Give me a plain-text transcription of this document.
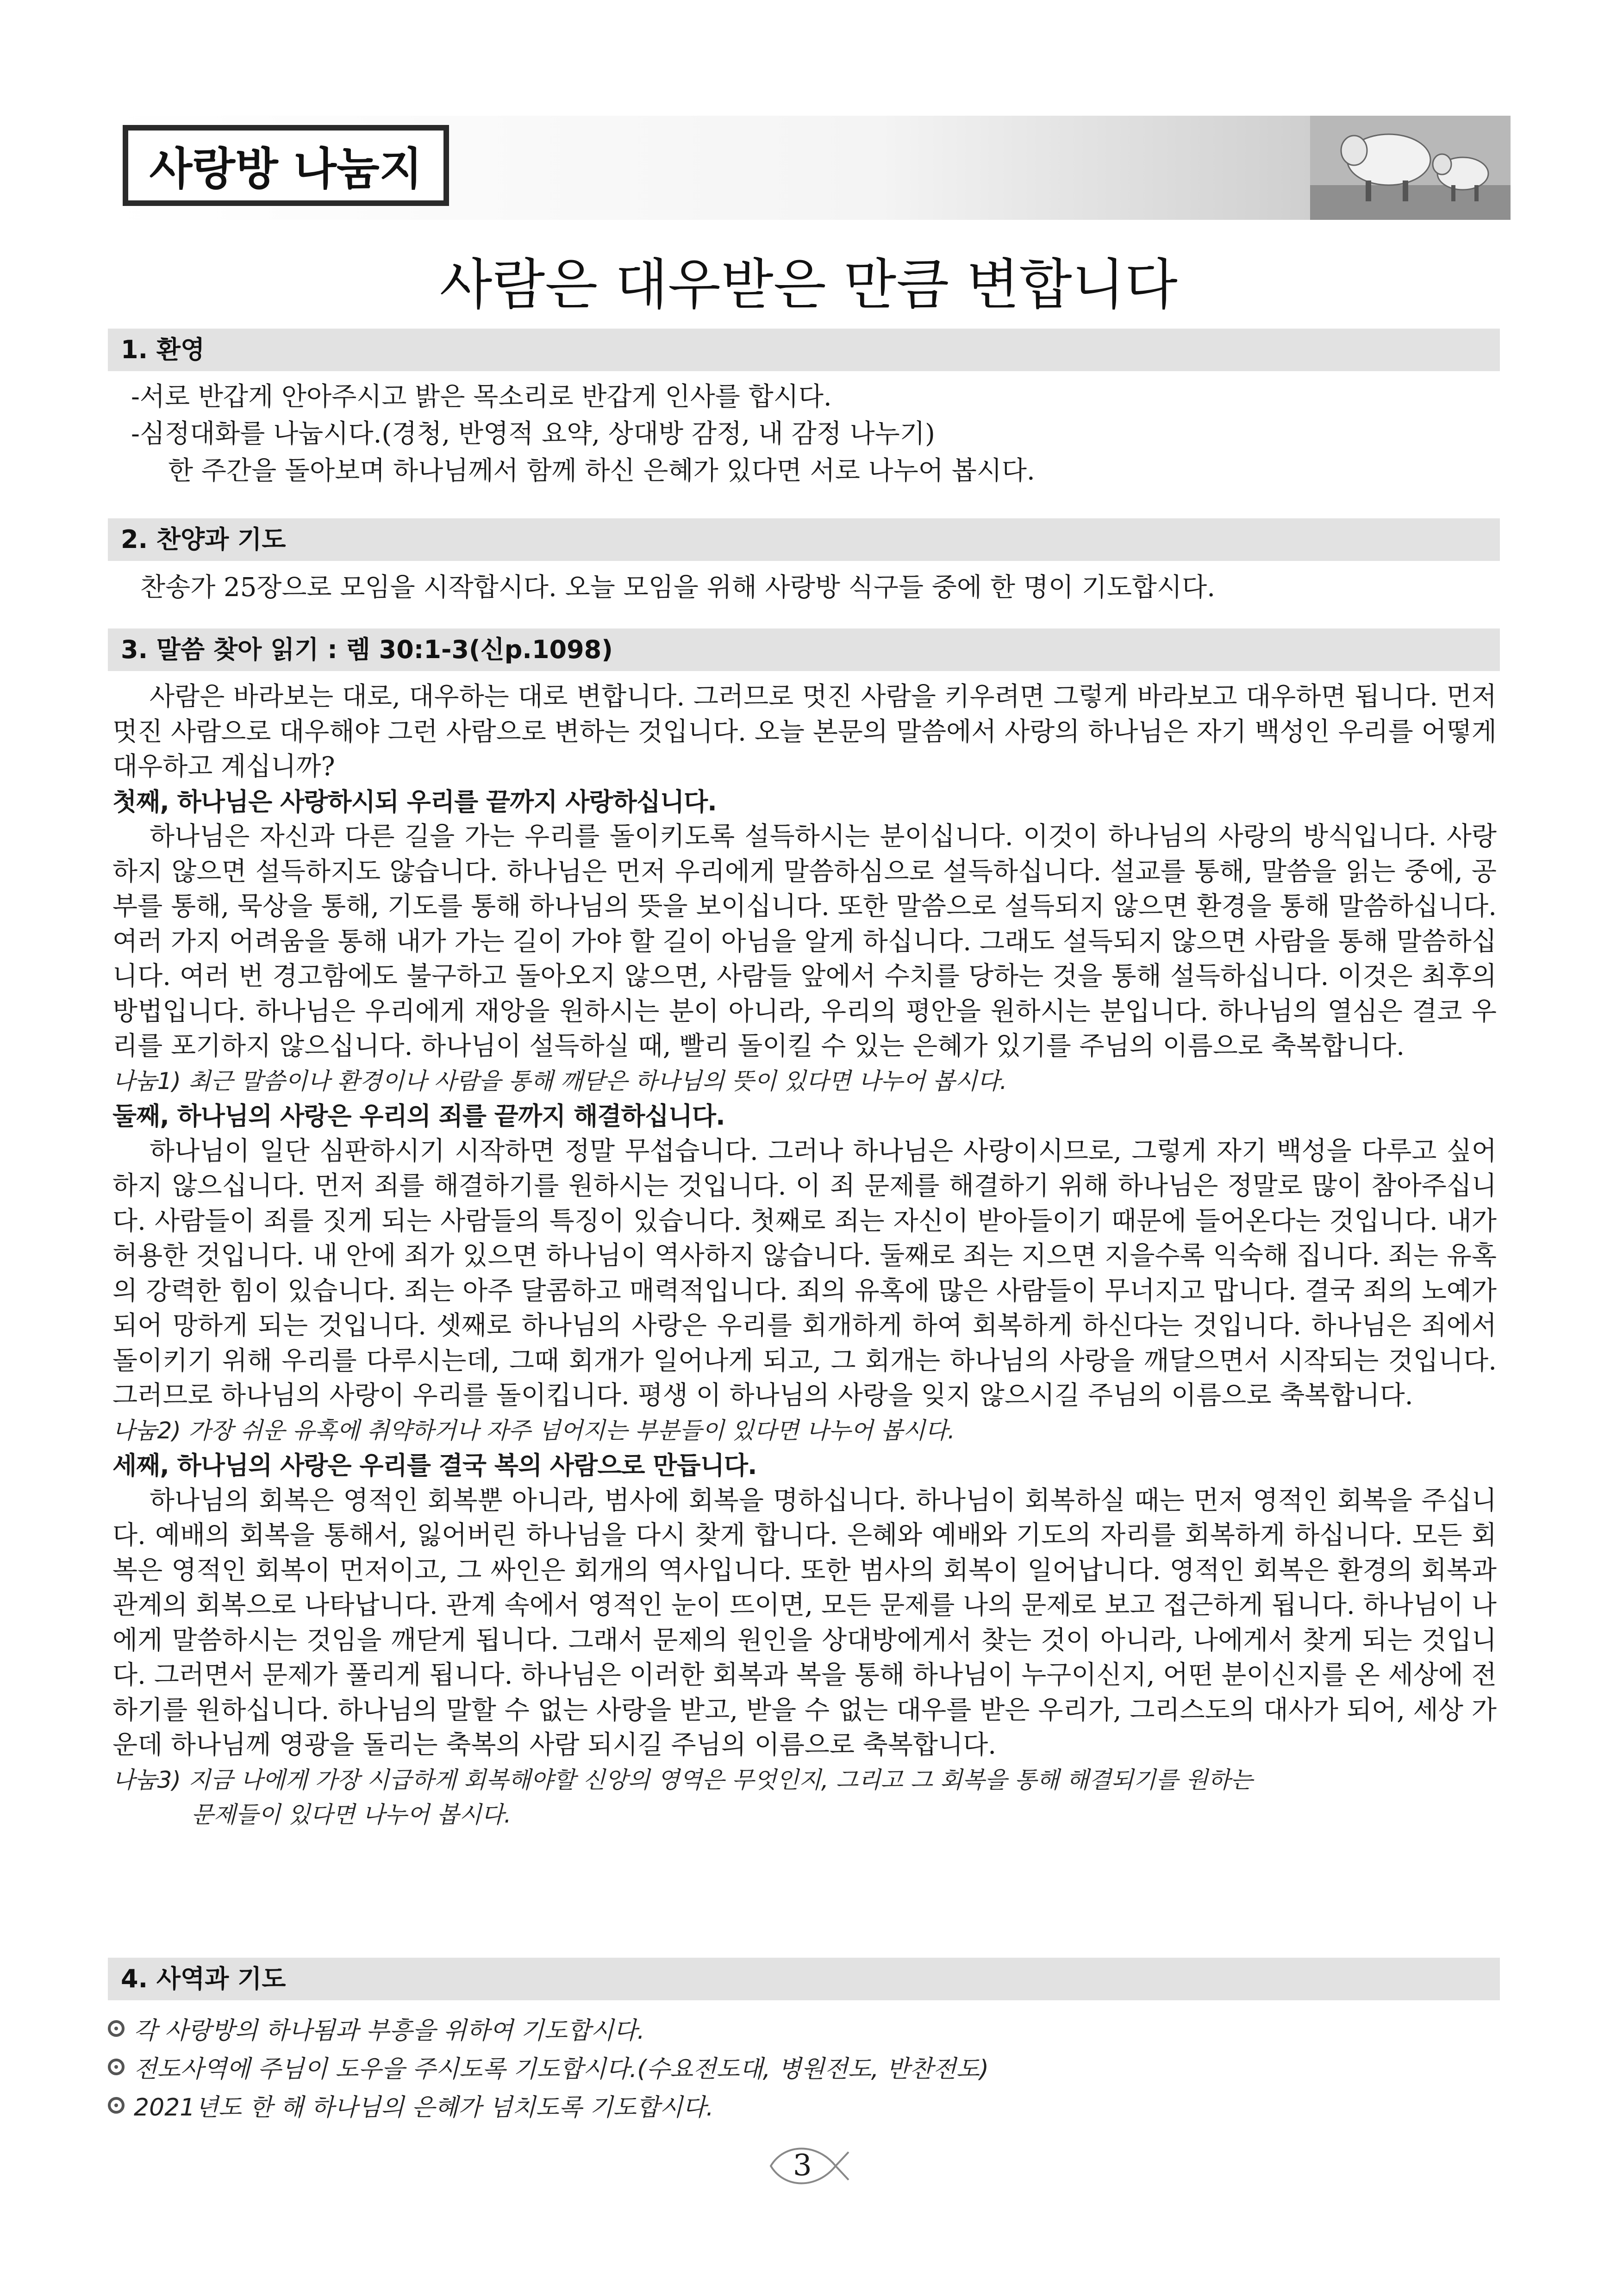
사랑방 나눔지
사람은 대우받은 만큼 변합니다
1. 환영
-서로 반갑게 안아주시고 밝은 목소리로 반갑게 인사를 합시다.
-심정대화를 나눕시다.(경청, 반영적 요약, 상대방 감정, 내 감정 나누기)
한 주간을 돌아보며 하나님께서 함께 하신 은혜가 있다면 서로 나누어 봅시다.
2. 찬양과 기도
찬송가 25장으로 모임을 시작합시다. 오늘 모임을 위해 사랑방 식구들 중에 한 명이 기도합시다.
3. 말씀 찾아 읽기 : 렘 30:1-3(신p.1098)

사람은 바라보는 대로, 대우하는 대로 변합니다. 그러므로 멋진 사람을 키우려면 그렇게 바라보고 대우하면 됩니다. 먼저 멋진 사람으로 대우해야 그런 사람으로 변하는 것입니다. 오늘 본문의 말씀에서 사랑의 하나님은 자기 백성인 우리를 어떻게 대우하고 계십니까?

첫째, 하나님은 사랑하시되 우리를 끝까지 사랑하십니다.

하나님은 자신과 다른 길을 가는 우리를 돌이키도록 설득하시는 분이십니다. 이것이 하나님의 사랑의 방식입니다. 사랑하지 않으면 설득하지도 않습니다. 하나님은 먼저 우리에게 말씀하심으로 설득하십니다. 설교를 통해, 말씀을 읽는 중에, 공부를 통해, 묵상을 통해, 기도를 통해 하나님의 뜻을 보이십니다. 또한 말씀으로 설득되지 않으면 환경을 통해 말씀하십니다. 여러 가지 어려움을 통해 내가 가는 길이 가야 할 길이 아님을 알게 하십니다. 그래도 설득되지 않으면 사람을 통해 말씀하십니다. 여러 번 경고함에도 불구하고 돌아오지 않으면, 사람들 앞에서 수치를 당하는 것을 통해 설득하십니다. 이것은 최후의 방법입니다. 하나님은 우리에게 재앙을 원하시는 분이 아니라, 우리의 평안을 원하시는 분입니다. 하나님의 열심은 결코 우리를 포기하지 않으십니다. 하나님이 설득하실 때, 빨리 돌이킬 수 있는 은혜가 있기를 주님의 이름으로 축복합니다.

나눔1) 최근 말씀이나 환경이나 사람을 통해 깨닫은 하나님의 뜻이 있다면 나누어 봅시다.

둘째, 하나님의 사랑은 우리의 죄를 끝까지 해결하십니다.

하나님이 일단 심판하시기 시작하면 정말 무섭습니다. 그러나 하나님은 사랑이시므로, 그렇게 자기 백성을 다루고 싶어하지 않으십니다. 먼저 죄를 해결하기를 원하시는 것입니다. 이 죄 문제를 해결하기 위해 하나님은 정말로 많이 참아주십니다. 사람들이 죄를 짓게 되는 사람들의 특징이 있습니다. 첫째로 죄는 자신이 받아들이기 때문에 들어온다는 것입니다. 내가 허용한 것입니다. 내 안에 죄가 있으면 하나님이 역사하지 않습니다. 둘째로 죄는 지으면 지을수록 익숙해 집니다. 죄는 유혹의 강력한 힘이 있습니다. 죄는 아주 달콤하고 매력적입니다. 죄의 유혹에 많은 사람들이 무너지고 맙니다. 결국 죄의 노예가 되어 망하게 되는 것입니다. 셋째로 하나님의 사랑은 우리를 회개하게 하여 회복하게 하신다는 것입니다. 하나님은 죄에서 돌이키기 위해 우리를 다루시는데, 그때 회개가 일어나게 되고, 그 회개는 하나님의 사랑을 깨달으면서 시작되는 것입니다. 그러므로 하나님의 사랑이 우리를 돌이킵니다. 평생 이 하나님의 사랑을 잊지 않으시길 주님의 이름으로 축복합니다.

나눔2) 가장 쉬운 유혹에 취약하거나 자주 넘어지는 부분들이 있다면 나누어 봅시다.

세째, 하나님의 사랑은 우리를 결국 복의 사람으로 만듭니다.

하나님의 회복은 영적인 회복뿐 아니라, 범사에 회복을 명하십니다. 하나님이 회복하실 때는 먼저 영적인 회복을 주십니다. 예배의 회복을 통해서, 잃어버린 하나님을 다시 찾게 합니다. 은혜와 예배와 기도의 자리를 회복하게 하십니다. 모든 회복은 영적인 회복이 먼저이고, 그 싸인은 회개의 역사입니다. 또한 범사의 회복이 일어납니다. 영적인 회복은 환경의 회복과 관계의 회복으로 나타납니다. 관계 속에서 영적인 눈이 뜨이면, 모든 문제를 나의 문제로 보고 접근하게 됩니다. 하나님이 나에게 말씀하시는 것임을 깨닫게 됩니다. 그래서 문제의 원인을 상대방에게서 찾는 것이 아니라, 나에게서 찾게 되는 것입니다. 그러면서 문제가 풀리게 됩니다. 하나님은 이러한 회복과 복을 통해 하나님이 누구이신지, 어떤 분이신지를 온 세상에 전하기를 원하십니다. 하나님의 말할 수 없는 사랑을 받고, 받을 수 없는 대우를 받은 우리가, 그리스도의 대사가 되어, 세상 가운데 하나님께 영광을 돌리는 축복의 사람 되시길 주님의 이름으로 축복합니다.

나눔3) 지금 나에게 가장 시급하게 회복해야할 신앙의 영역은 무엇인지, 그리고 그 회복을 통해 해결되기를 원하는

문제들이 있다면 나누어 봅시다.

4. 사역과 기도
각 사랑방의 하나됨과 부흥을 위하여 기도합시다.
전도사역에 주님이 도우을 주시도록 기도합시다.(수요전도대, 병원전도, 반찬전도)
2021년도 한 해 하나님의 은혜가 넘치도록 기도합시다.
3
